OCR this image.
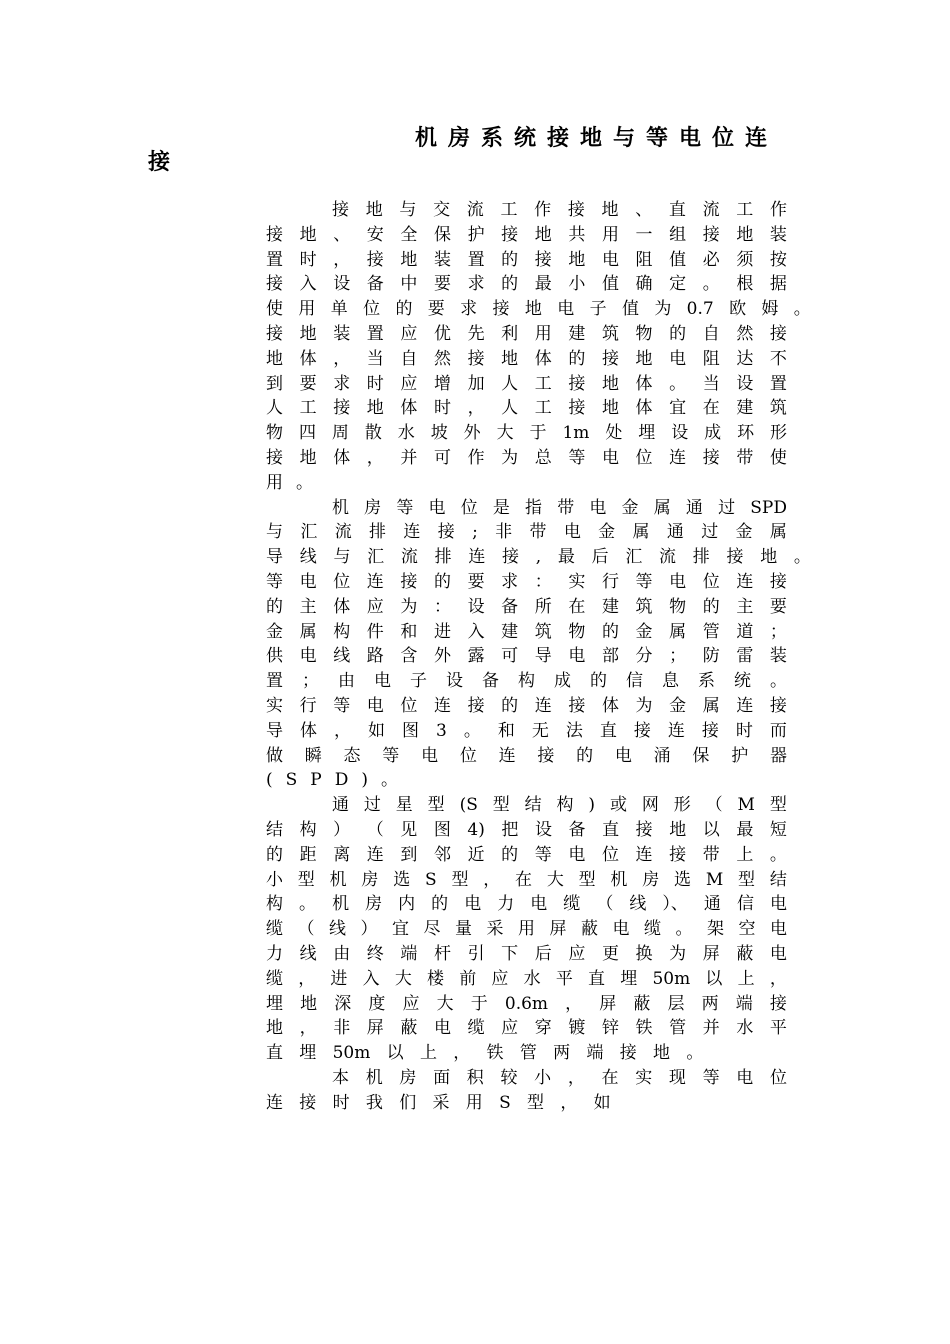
机房系统接地与等电位连
接
接 地 与 交 流 工 作 接 地 、 直 流 工 作
接 地 、 安 全 保 护 接 地 共 用 一 组 接 地 装
置 时 ， 接 地 装 置 的 接 地 电 阻 值 必 须 按
接 入 设 备 中 要 求 的 最 小 值 确 定 。 根 据
使 用 单 位 的 要 求 接 地 电 子 值 为 0.7 欧 姆 。
接 地 装 置 应 优 先 利 用 建 筑 物 的 自 然 接
地 体 ， 当 自 然 接 地 体 的 接 地 电 阻 达 不
到 要 求 时 应 增 加 人 工 接 地 体 。 当 设 置
人 工 接 地 体 时 ， 人 工 接 地 体 宜 在 建 筑
物 四 周 散 水 坡 外 大 于 1m 处 埋 设 成 环 形
接 地 体 ， 并 可 作 为 总 等 电 位 连 接 带 使
用。
机 房 等 电 位 是 指 带 电 金 属 通 过 SPD
与 汇 流 排 连 接 ; 非 带 电 金 属 通 过 金 属
导 线 与 汇 流 排 连 接 , 最 后 汇 流 排 接 地 。
等 电 位 连 接 的 要 求 ： 实 行 等 电 位 连 接
的 主 体 应 为 ： 设 备 所 在 建 筑 物 的 主 要
金 属 构 件 和 进 入 建 筑 物 的 金 属 管 道 ；
供 电 线 路 含 外 露 可 导 电 部 分 ； 防 雷 装
置 ； 由 电 子 设 备 构 成 的 信 息 系 统 。
实 行 等 电 位 连 接 的 连 接 体 为 金 属 连 接
导 体 ， 如 图 3 。 和 无 法 直 接 连 接 时 而
做 瞬 态 等 电 位 连 接 的 电 涌 保 护 器
(SPD)。
通 过 星 型 (S 型 结 构 ) 或 网 形 （ M 型
结 构 ） （ 见 图 4) 把 设 备 直 接 地 以 最 短
的 距 离 连 到 邻 近 的 等 电 位 连 接 带 上 。
小 型 机 房 选 S 型 ， 在 大 型 机 房 选 M 型 结
构 。 机 房 内 的 电 力 电 缆 （ 线 ）、 通 信 电
缆 （ 线 ） 宜 尽 量 采 用 屏 蔽 电 缆 。 架 空 电
力 线 由 终 端 杆 引 下 后 应 更 换 为 屏 蔽 电
缆 ， 进 入 大 楼 前 应 水 平 直 埋 50m 以 上 ，
埋 地 深 度 应 大 于 0.6m ， 屏 蔽 层 两 端 接
地 ， 非 屏 蔽 电 缆 应 穿 镀 锌 铁 管 并 水 平
直 埋 50m 以 上 ， 铁 管 两 端 接 地 。
本 机 房 面 积 较 小 ， 在 实 现 等 电 位
连 接 时 我 们 采 用 S 型 ， 如
